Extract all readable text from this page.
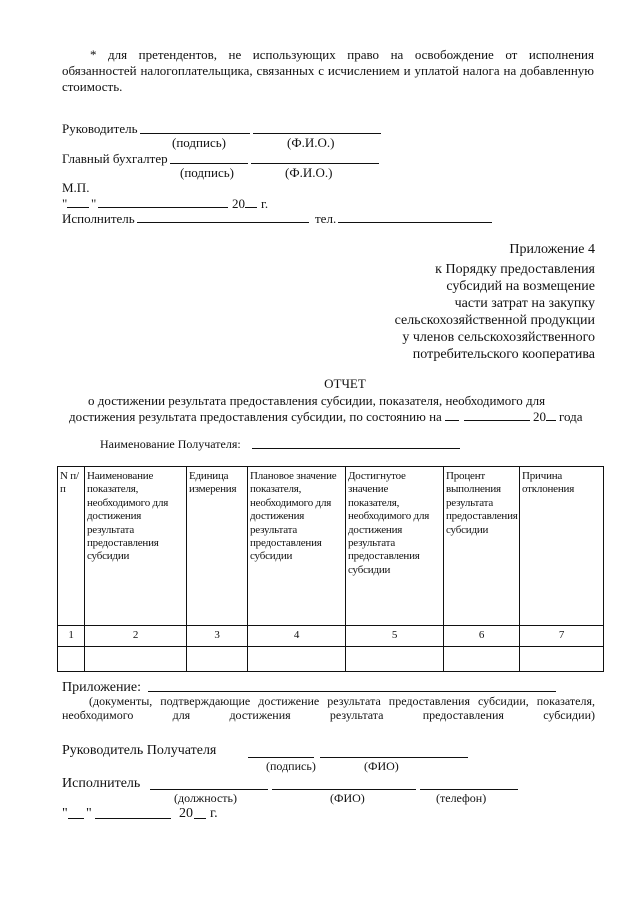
* для претендентов, не использующих право на освобождение от исполнения обязанностей налогоплательщика, связанных с исчислением и уплатой налога на добавленную стоимость.
Руководитель
(подпись)	(Ф.И.О.)
Главный бухгалтер
(подпись)	(Ф.И.О.)
М.П.
" "	20 г.
Исполнитель	тел.
Приложение 4
к Порядку предоставления
субсидий на возмещение
части затрат на закупку
сельскохозяйственной продукции
у членов сельскохозяйственного
потребительского кооператива
ОТЧЕТ
о достижении результата предоставления субсидии, показателя, необходимого для
достижения результата предоставления субсидии, по состоянию на	20 года
Наименование Получателя:
N п/п	Наименование показателя, необходимого для достижения результата предоставления субсидии	Единица измерения	Плановое значение показателя, необходимого для достижения результата предоставления субсидии	Достигнутое значение показателя, необходимого для достижения результата предоставления субсидии	Процент выполнения результата предоставления субсидии	Причина отклонения
1	2	3	4	5	6	7

Приложение:
(документы, подтверждающие достижение результата предоставления субсидии, показателя, необходимого для достижения результата предоставления субсидии)
Руководитель Получателя
(подпись)	(ФИО)
Исполнитель
(должность)	(ФИО)	(телефон)
" "	20 г.
